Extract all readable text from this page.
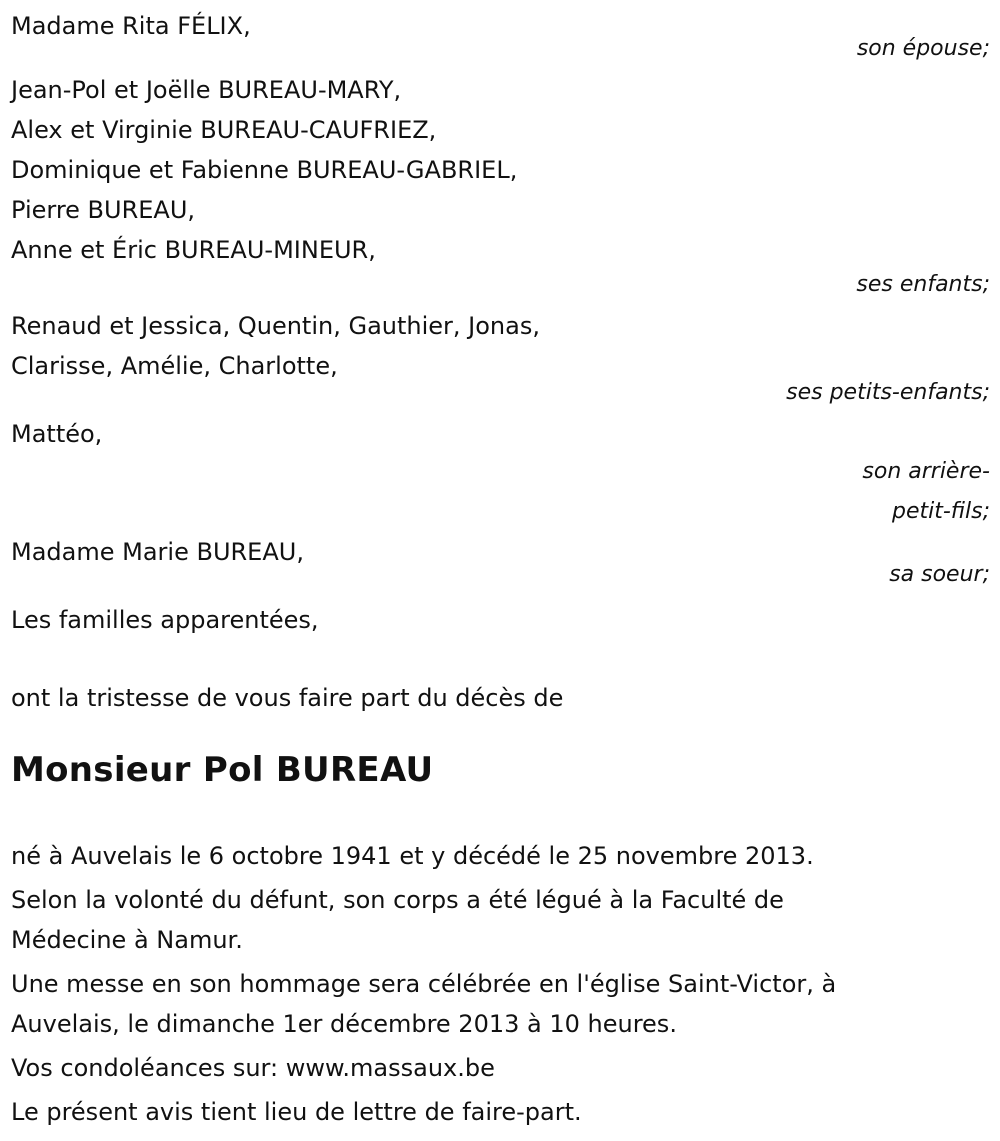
Madame Rita FÉLIX,
son épouse;
Jean-Pol et Joëlle BUREAU-MARY,
Alex et Virginie BUREAU-CAUFRIEZ,
Dominique et Fabienne BUREAU-GABRIEL,
Pierre BUREAU,
Anne et Éric BUREAU-MINEUR,
ses enfants;
Renaud et Jessica, Quentin, Gauthier, Jonas,
Clarisse, Amélie, Charlotte,
ses petits-enfants;
Mattéo,
son arrière-
petit-fils;
Madame Marie BUREAU,
sa soeur;
Les familles apparentées,
ont la tristesse de vous faire part du décès de
Monsieur Pol BUREAU
né à Auvelais le 6 octobre 1941 et y décédé le 25 novembre 2013.
Selon la volonté du défunt, son corps a été légué à la Faculté de
Médecine à Namur.
Une messe en son hommage sera célébrée en l'église Saint-Victor, à
Auvelais, le dimanche 1er décembre 2013 à 10 heures.
Vos condoléances sur: www.massaux.be
Le présent avis tient lieu de lettre de faire-part.
